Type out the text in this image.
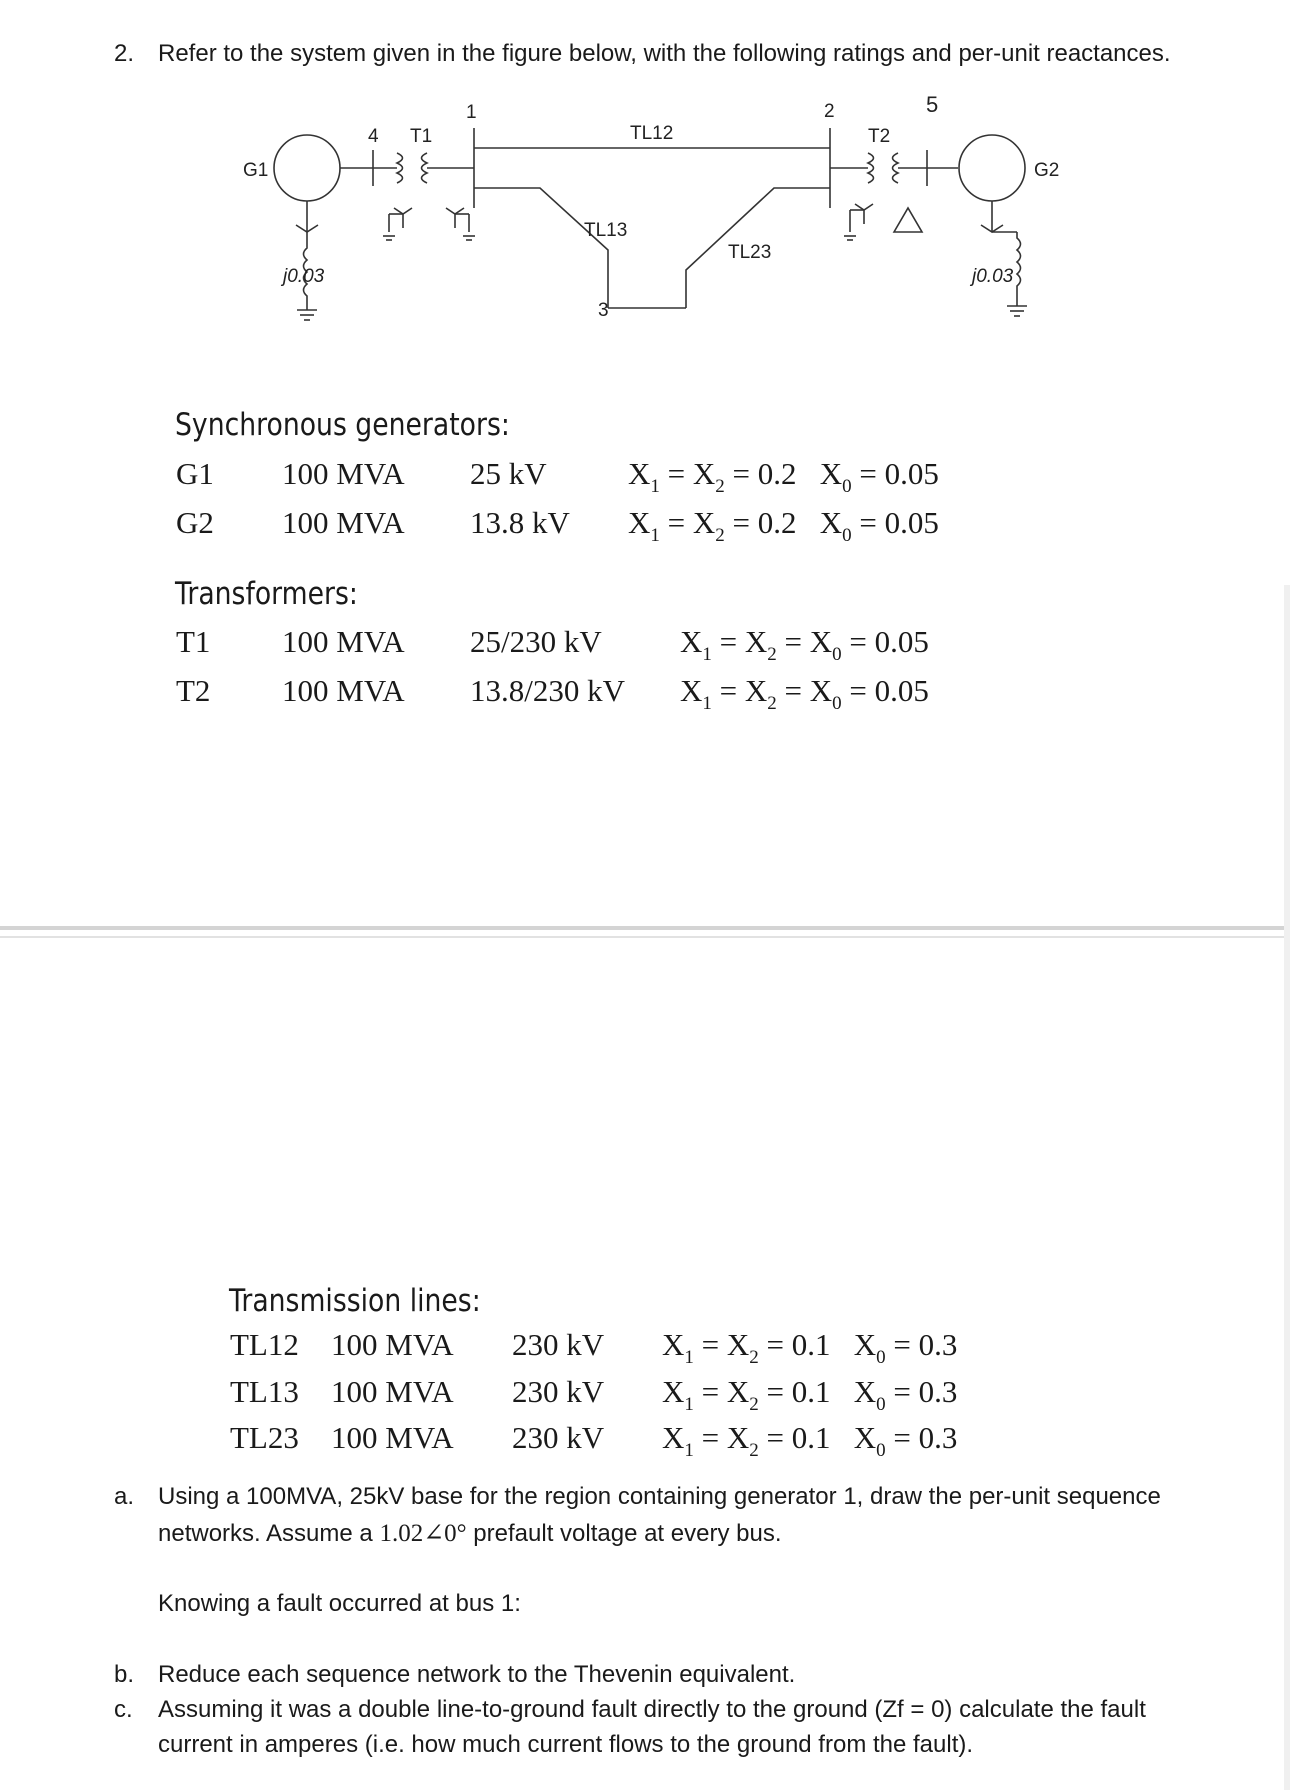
2. Refer to the system given in the figure below, with the following ratings and per-unit reactances.
G1
j0.03
4 T1
1
TL12
TL13
3
TL23
2
T2
5
G2
j0.03
Synchronous generators:
G1 100 MVA 25 kV	$X_1 = X_2 = 0.2$ $X_0 = 0.05$
G2 100 MVA 13.8 kV $X_1 = X_2 = 0.2$ $X_0 = 0.05$
Transformers:
T1 100 MVA 25/230 kV	$X_1 = X_2 = X_0 = 0.05$
T2 100 MVA 13.8/230 kV $X_1 = X_2 = X_0 = 0.05$
Transmission lines:
TL12 100 MVA 230 kV $X_1 = X_2 = 0.1$ $X_0 = 0.3$
TL13 100 MVA 230 kV $X_1 = X_2 = 0.1$ $X_0 = 0.3$
TL23 100 MVA 230 kV $X_1 = X_2 = 0.1$ $X_0 = 0.3$
a. Using a 100MVA, 25kV base for the region containing generator 1, draw the per-unit sequence
networks. Assume a 1.02∠0° prefault voltage at every bus.
Knowing a fault occurred at bus 1:
b. Reduce each sequence network to the Thevenin equivalent.
c. Assuming it was a double line-to-ground fault directly to the ground (Zf = 0) calculate the fault
current in amperes (i.e. how much current flows to the ground from the fault).
